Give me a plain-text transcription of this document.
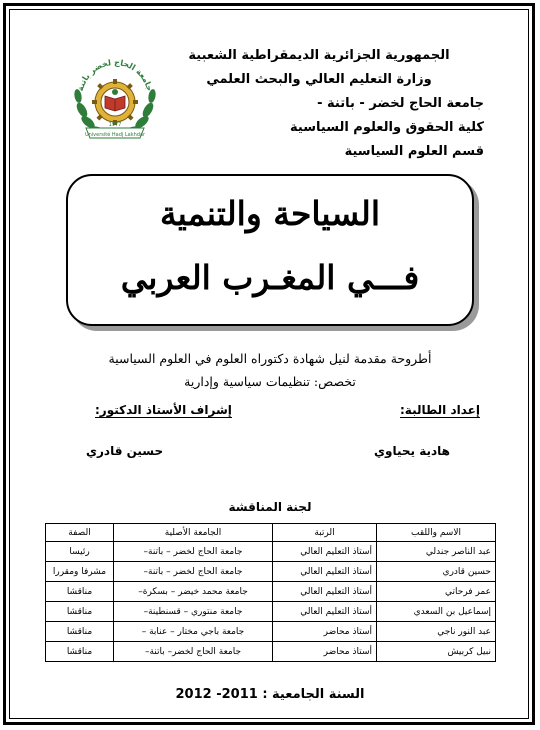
الجمهورية الجزائرية الديمقراطية الشعبية
وزارة التعليم العالي والبحث العلمي
جامعة الحاج لخضر - باتنة -
كلية الحقوق والعلوم السياسية
قسم العلوم السياسية
جامعة الحاج لخضر باتنة
Université Hadj Lakhdar
1977
السياحة والتنمية
فـــي المغـرب العربي
أطروحة مقدمة لنيل شهادة دكتوراه العلوم في العلوم السياسية
تخصص: تنظيمات سياسية وإدارية
إعداد الطالبة:
إشراف الأستاذ الدكتور:
هادية يحياوي
حسين قادري
لجنة المناقشة
الاسم واللقب	الرتبة	الجامعة الأصلية	الصفة
عبد الناصر جندلي	أستاذ التعليم العالي	جامعة الحاج لخضر – باتنة–	رئيسا
حسين قادري	أستاذ التعليم العالي	جامعة الحاج لخضر – باتنة–	مشرفا ومقررا
عمر فرحاتي	أستاذ التعليم العالي	جامعة محمد خيضر – بسكرة–	مناقشا
إسماعيل بن السعدي	أستاذ التعليم العالي	جامعة منتوري – قسنطينة–	مناقشا
عبد النور ناجي	أستاذ محاضر	جامعة باجي مختار – عنابة –	مناقشا
نبيل كربيش	أستاذ محاضر	جامعة الحاج لخضر– باتنة–	مناقشا
السنة الجامعية : 2011- 2012
